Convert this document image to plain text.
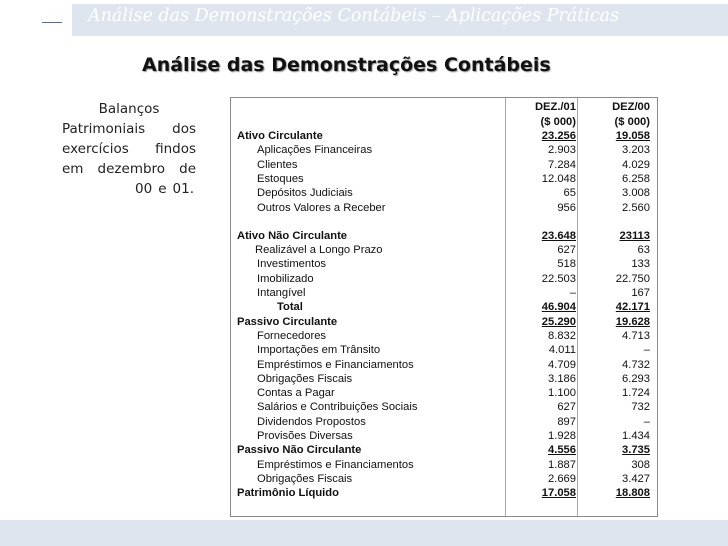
Análise das Demonstrações Contábeis – Aplicações Práticas
Análise das Demonstrações Contábeis
Balanços
Patrimoniais dos
exercícios findos
em dezembro de
00 e 01.
DEZ./01	DEZ/00
($ 000)	($ 000)
Ativo Circulante	23.256	19.058
Aplicações Financeiras	2.903	3.203
Clientes	7.284	4.029
Estoques	12.048	6.258
Depósitos Judiciais	65	3.008
Outros Valores a Receber	956	2.560
Ativo Não Circulante	23.648	23113
Realizável a Longo Prazo	627	63
Investimentos	518	133
Imobilizado	22.503	22.750
Intangível	–	167
Total	46.904	42.171
Passivo Circulante	25.290	19.628
Fornecedores	8.832	4.713
Importações em Trânsito	4.011	–
Empréstimos e Financiamentos	4.709	4.732
Obrigações Fiscais	3.186	6.293
Contas a Pagar	1.100	1.724
Salários e Contribuições Sociais	627	732
Dividendos Propostos	897	–
Provisões Diversas	1.928	1.434
Passivo Não Circulante	4.556	3.735
Empréstimos e Financiamentos	1.887	308
Obrigações Fiscais	2.669	3.427
Patrimônio Líquido	17.058	18.808
